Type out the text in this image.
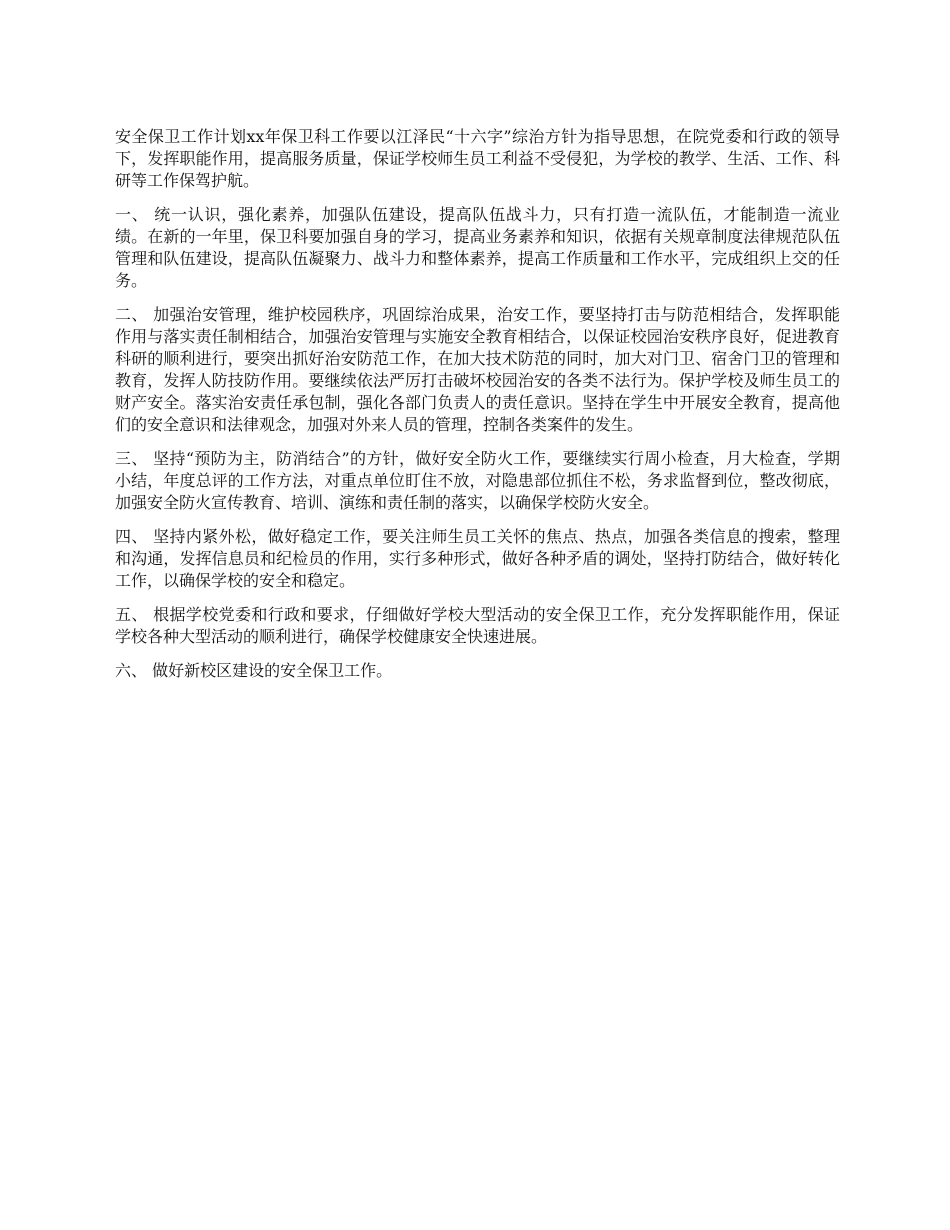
安全保卫工作计划xx年保卫科工作要以江泽民“十六字”综治方针为指导思想，在院党委和行政的领导下，发挥职能作用，提高服务质量，保证学校师生员工利益不受侵犯，为学校的教学、生活、工作、科研等工作保驾护航。

一、 统一认识，强化素养，加强队伍建设，提高队伍战斗力，只有打造一流队伍，才能制造一流业绩。在新的一年里，保卫科要加强自身的学习，提高业务素养和知识，依据有关规章制度法律规范队伍管理和队伍建设，提高队伍凝聚力、战斗力和整体素养，提高工作质量和工作水平，完成组织上交的任务。

二、 加强治安管理，维护校园秩序，巩固综治成果，治安工作，要坚持打击与防范相结合，发挥职能作用与落实责任制相结合，加强治安管理与实施安全教育相结合，以保证校园治安秩序良好，促进教育科研的顺利进行，要突出抓好治安防范工作，在加大技术防范的同时，加大对门卫、宿舍门卫的管理和教育，发挥人防技防作用。要继续依法严厉打击破坏校园治安的各类不法行为。保护学校及师生员工的财产安全。落实治安责任承包制，强化各部门负责人的责任意识。坚持在学生中开展安全教育，提高他们的安全意识和法律观念，加强对外来人员的管理，控制各类案件的发生。

三、 坚持“预防为主，防消结合”的方针，做好安全防火工作，要继续实行周小检查，月大检查，学期小结，年度总评的工作方法，对重点单位盯住不放，对隐患部位抓住不松，务求监督到位，整改彻底，加强安全防火宣传教育、培训、演练和责任制的落实，以确保学校防火安全。

四、 坚持内紧外松，做好稳定工作，要关注师生员工关怀的焦点、热点，加强各类信息的搜索，整理和沟通，发挥信息员和纪检员的作用，实行多种形式，做好各种矛盾的调处，坚持打防结合，做好转化工作，以确保学校的安全和稳定。

五、 根据学校党委和行政和要求，仔细做好学校大型活动的安全保卫工作，充分发挥职能作用，保证学校各种大型活动的顺利进行，确保学校健康安全快速进展。

六、 做好新校区建设的安全保卫工作。
